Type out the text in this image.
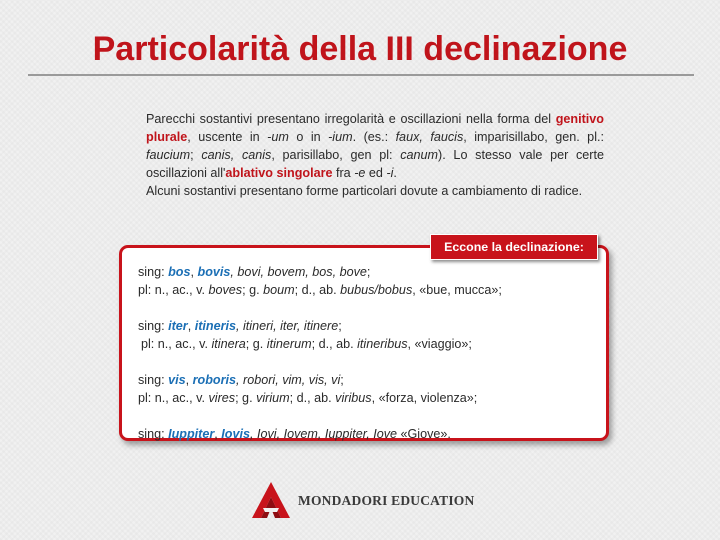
Particolarità della III declinazione

Parecchi sostantivi presentano irregolarità e oscillazioni nella forma del genitivo plurale, uscente in -um o in -ium. (es.: faux, faucis, imparisillabo, gen. pl.: faucium; canis, canis, parisillabo, gen pl: canum). Lo stesso vale per certe oscillazioni all'ablativo singolare fra -e ed -i.

Alcuni sostantivi presentano forme particolari dovute a cambiamento di radice.

Eccone la declinazione:
sing: bos, bovis, bovi, bovem, bos, bove;
pl: n., ac., v. boves; g. boum; d., ab. bubus/bobus, «bue, mucca»;
sing: iter, itineris, itineri, iter, itinere;
pl: n., ac., v. itinera; g. itinerum; d., ab. itineribus, «viaggio»;
sing: vis, roboris, robori, vim, vis, vi;
pl: n., ac., v. vires; g. virium; d., ab. viribus, «forza, violenza»;
sing: Iuppiter, Iovis, Iovi, Iovem, Iuppiter, Iove «Giove».
MONDADORI EDUCATION
